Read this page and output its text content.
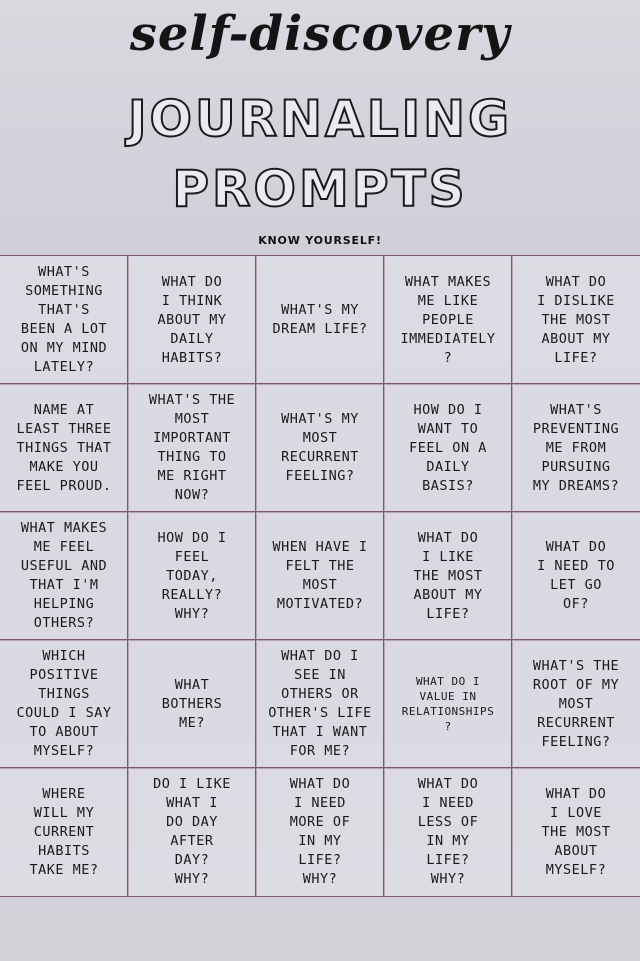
self-discovery
JOURNALING
PROMPTS
KNOW YOURSELF!
WHAT'S
SOMETHING
THAT'S
BEEN A LOT
ON MY MIND
LATELY?
WHAT DO
I THINK
ABOUT MY
DAILY
HABITS?
WHAT'S MY
DREAM LIFE?
WHAT MAKES
ME LIKE
PEOPLE
IMMEDIATELY
?
WHAT DO
I DISLIKE
THE MOST
ABOUT MY
LIFE?
NAME AT
LEAST THREE
THINGS THAT
MAKE YOU
FEEL PROUD.
WHAT'S THE
MOST
IMPORTANT
THING TO
ME RIGHT
NOW?
WHAT'S MY
MOST
RECURRENT
FEELING?
HOW DO I
WANT TO
FEEL ON A
DAILY
BASIS?
WHAT'S
PREVENTING
ME FROM
PURSUING
MY DREAMS?
WHAT MAKES
ME FEEL
USEFUL AND
THAT I'M
HELPING
OTHERS?
HOW DO I
FEEL
TODAY,
REALLY?
WHY?
WHEN HAVE I
FELT THE
MOST
MOTIVATED?
WHAT DO
I LIKE
THE MOST
ABOUT MY
LIFE?
WHAT DO
I NEED TO
LET GO
OF?
WHICH
POSITIVE
THINGS
COULD I SAY
TO ABOUT
MYSELF?
WHAT
BOTHERS
ME?
WHAT DO I
SEE IN
OTHERS OR
OTHER'S LIFE
THAT I WANT
FOR ME?
WHAT DO I
VALUE IN
RELATIONSHIPS
?
WHAT'S THE
ROOT OF MY
MOST
RECURRENT
FEELING?
WHERE
WILL MY
CURRENT
HABITS
TAKE ME?
DO I LIKE
WHAT I
DO DAY
AFTER
DAY?
WHY?
WHAT DO
I NEED
MORE OF
IN MY
LIFE?
WHY?
WHAT DO
I NEED
LESS OF
IN MY
LIFE?
WHY?
WHAT DO
I LOVE
THE MOST
ABOUT
MYSELF?
